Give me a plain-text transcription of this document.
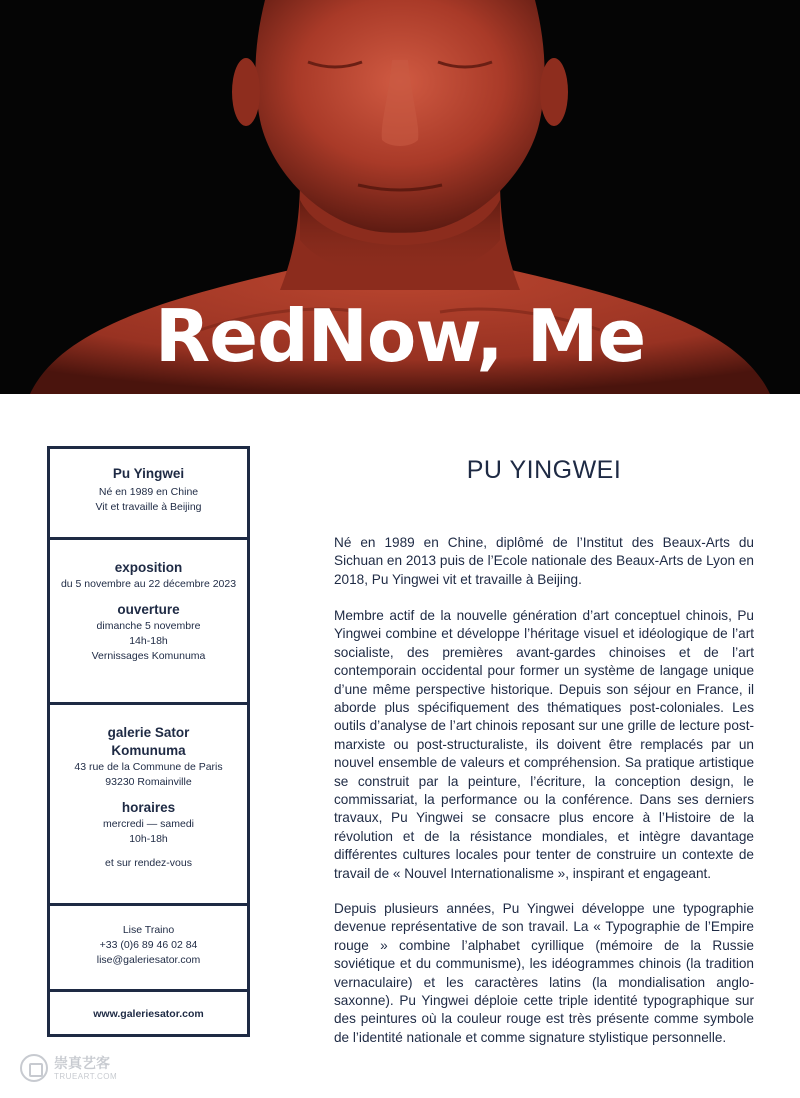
RedNow, Me
Pu Yingwei
Né en 1989 en Chine
Vit et travaille à Beijing
exposition
du 5 novembre au 22 décembre 2023
ouverture
dimanche 5 novembre
14h-18h
Vernissages Komunuma
galerie Sator
Komunuma
43 rue de la Commune de Paris
93230 Romainville
horaires
mercredi — samedi
10h-18h
et sur rendez-vous
Lise Traino
+33 (0)6 89 46 02 84
lise@galeriesator.com
www.galeriesator.com
PU YINGWEI
Né en 1989 en Chine, diplômé de l’Institut des Beaux-Arts du Sichuan en 2013 puis de l’Ecole nationale des Beaux-Arts de Lyon en 2018, Pu Yingwei vit et travaille à Beijing.
Membre actif de la nouvelle génération d’art conceptuel chinois, Pu Yingwei combine et développe l’héritage visuel et idéologique de l’art socialiste, des premières avant-gardes chinoises et de l’art contemporain occidental pour former un système de langage unique d’une même perspective historique. Depuis son séjour en France, il aborde plus spécifiquement des thématiques post-coloniales. Les outils d’analyse de l’art chinois reposant sur une grille de lecture post-marxiste ou post-structuraliste, ils doivent être remplacés par un nouvel ensemble de valeurs et compréhension. Sa pratique artistique se construit par la peinture, l’écriture, la conception design, le commissariat, la performance ou la conférence. Dans ses derniers travaux, Pu Yingwei se consacre plus encore à l’Histoire de la révolution et de la résistance mondiales, et intègre davantage différentes cultures locales pour tenter de construire un contexte de travail de « Nouvel Internationalisme », inspirant et engageant.
Depuis plusieurs années, Pu Yingwei développe une typographie devenue représentative de son travail. La « Typographie de l’Empire rouge » combine l’alphabet cyrillique (mémoire de la Russie soviétique et du communisme), les idéogrammes chinois (la tradition vernaculaire) et les caractères latins (la mondialisation anglo-saxonne). Pu Yingwei déploie cette triple identité typographique sur des peintures où la couleur rouge est très présente comme symbole de l’identité nationale et comme signature stylistique personnelle.
崇真艺客
TRUEART.COM
